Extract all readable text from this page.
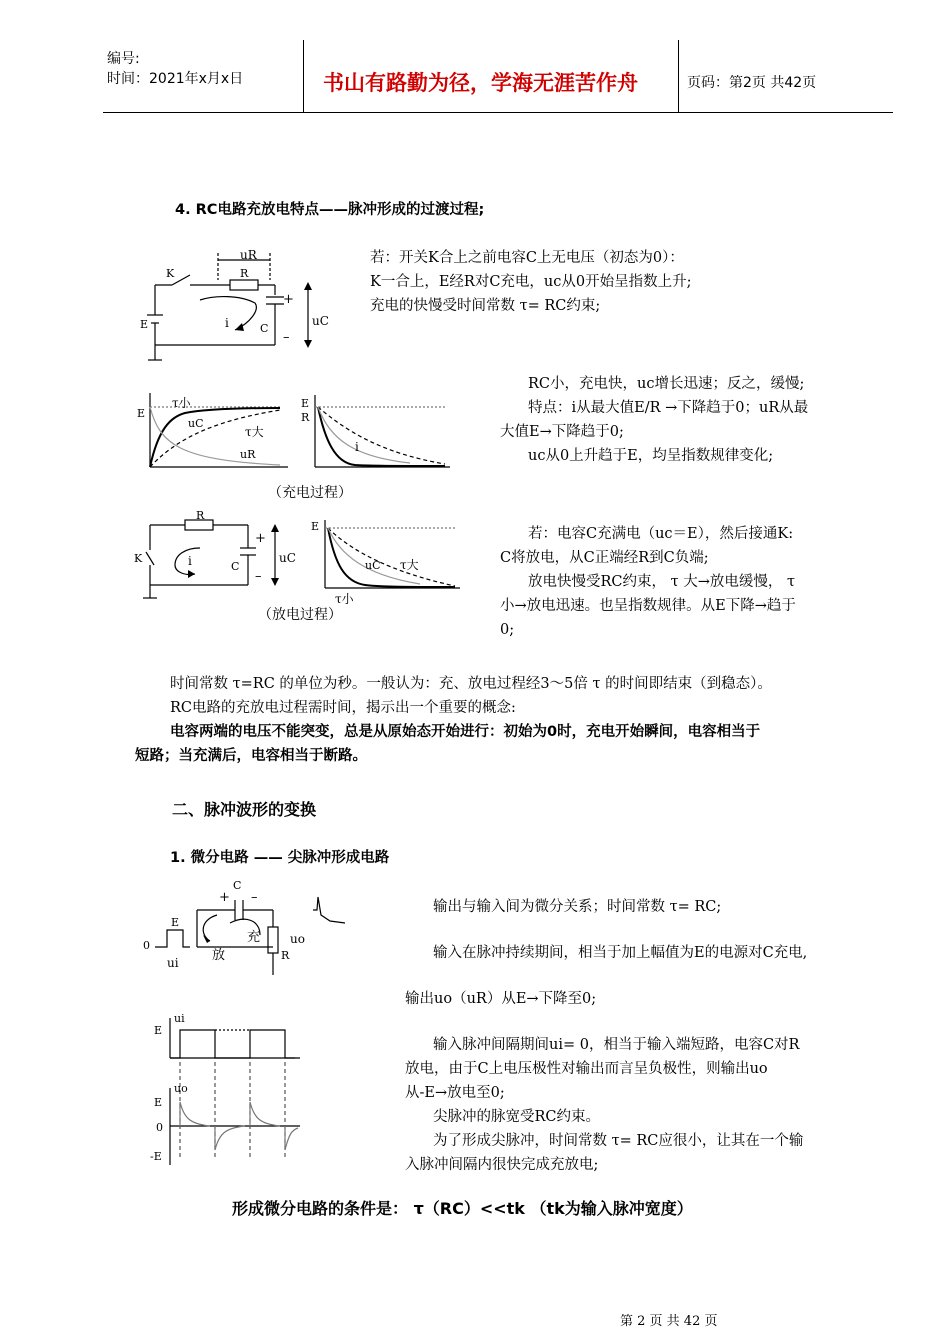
编号:
时间：2021年x月x日	书山有路勤为径，学海无涯苦作舟	页码：第2页 共42页
4. RC电路充放电特点——脉冲形成的过渡过程;
uR
K	R
E	i	C
+
–
uC
若：开关K合上之前电容C上无电压（初态为0）：
K一合上，E经R对C充电，uc从0开始呈指数上升;
充电的快慢受时间常数 τ= RC约束;
E
τ小
uC
τ大
uR
E
R
i
（充电过程）
RC小，充电快，uc增长迅速；反之，缓慢;
特点：i从最大值E/R →下降趋于0；uR从最
大值E→下降趋于0;
uc从0上升趋于E，均呈指数规律变化;
R
K	i	C
+
–
uC
E
uC τ大
τ小
（放电过程）
若：电容C充满电（uc＝E），然后接通K:
C将放电，从C正端经R到C负端;
放电快慢受RC约束， τ 大→放电缓慢， τ
小→放电迅速。也呈指数规律。从E下降→趋于
0;
时间常数 τ=RC 的单位为秒。一般认为：充、放电过程经3～5倍 τ 的时间即结束（到稳态）。
RC电路的充放电过程需时间，揭示出一个重要的概念:
电容两端的电压不能突变，总是从原始态开始进行：初始为0时，充电开始瞬间，电容相当于
短路；当充满后，电容相当于断路。
二、脉冲波形的变换
1. 微分电路 —— 尖脉冲形成电路
C
+ –
E
0
ui
充
放
uo
R
ui
E
uo
E
0
-E
输出与输入间为微分关系；时间常数 τ= RC;
输入在脉冲持续期间，相当于加上幅值为E的电源对C充电,
输出uo（uR）从E→下降至0;
输入脉冲间隔期间ui= 0，相当于输入端短路，电容C对R
放电，由于C上电压极性对输出而言呈负极性，则输出uo
从-E→放电至0;
尖脉冲的脉宽受RC约束。
为了形成尖脉冲，时间常数 τ= RC应很小，让其在一个输
入脉冲间隔内很快完成充放电;
形成微分电路的条件是： τ（RC）<<tk （tk为输入脉冲宽度）
第 2 页 共 42 页
